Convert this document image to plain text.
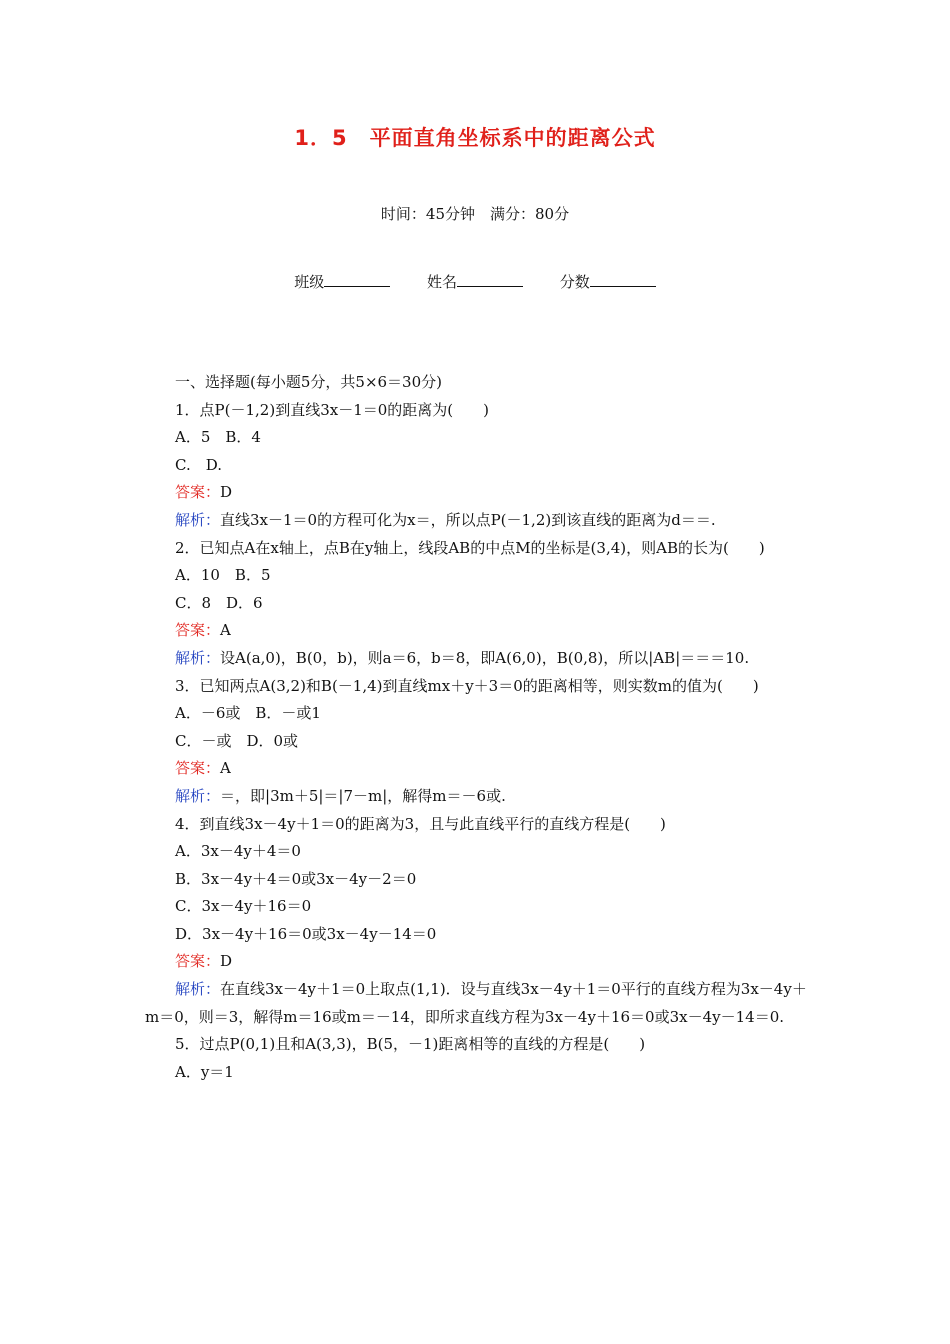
1．5　平面直角坐标系中的距离公式
时间：45分钟　满分：80分
班级	姓名	分数
一、选择题(每小题5分，共5×6＝30分)
1．点P(－1,2)到直线3x－1＝0的距离为(　　)
A．5　B．4
C.　D.
答案：D
解析：直线3x－1＝0的方程可化为x＝，所以点P(－1,2)到该直线的距离为d＝＝.
2．已知点A在x轴上，点B在y轴上，线段AB的中点M的坐标是(3,4)，则AB的长为(　　)
A．10　B．5
C．8　D．6
答案：A
解析：设A(a,0)，B(0，b)，则a＝6，b＝8，即A(6,0)，B(0,8)，所以|AB|＝＝＝10.
3．已知两点A(3,2)和B(－1,4)到直线mx＋y＋3＝0的距离相等，则实数m的值为(　　)
A．－6或　B．－或1
C．－或　D．0或
答案：A
解析：＝，即|3m＋5|＝|7－m|，解得m＝－6或.
4．到直线3x－4y＋1＝0的距离为3，且与此直线平行的直线方程是(　　)
A．3x－4y＋4＝0
B．3x－4y＋4＝0或3x－4y－2＝0
C．3x－4y＋16＝0
D．3x－4y＋16＝0或3x－4y－14＝0
答案：D
解析：在直线3x－4y＋1＝0上取点(1,1)．设与直线3x－4y＋1＝0平行的直线方程为3x－4y＋m＝0，则＝3，解得m＝16或m＝－14，即所求直线方程为3x－4y＋16＝0或3x－4y－14＝0.
5．过点P(0,1)且和A(3,3)，B(5，－1)距离相等的直线的方程是(　　)
A．y＝1
